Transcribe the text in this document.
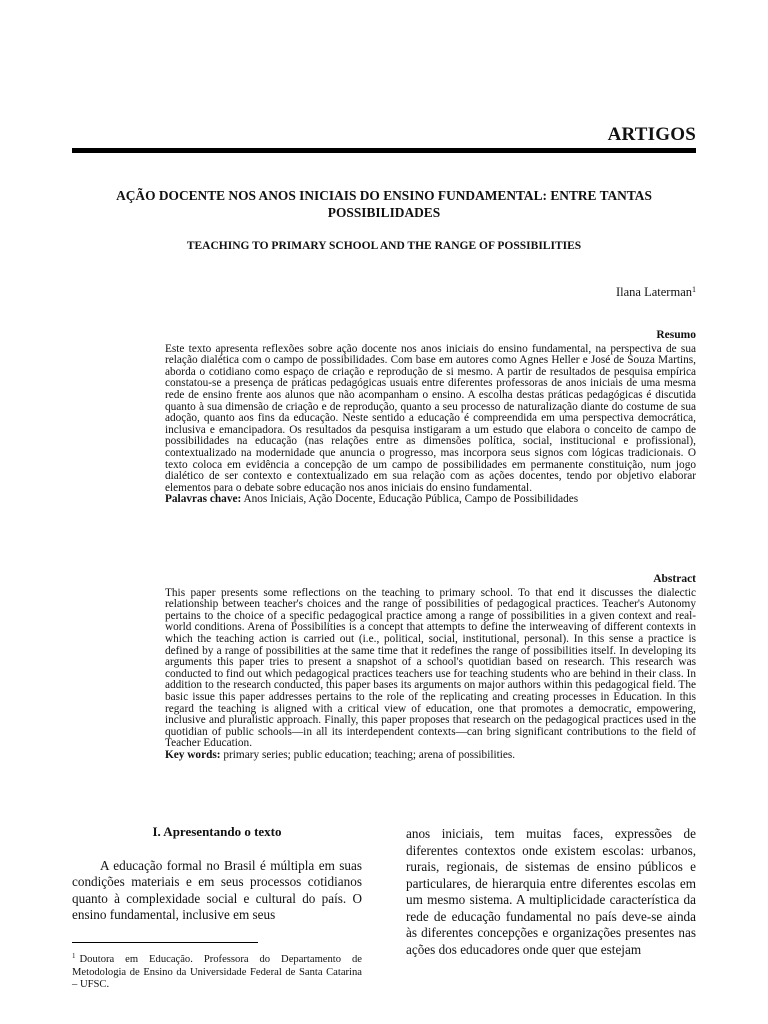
ARTIGOS
AÇÃO DOCENTE NOS ANOS INICIAIS DO ENSINO FUNDAMENTAL: ENTRE TANTAS POSSIBILIDADES
TEACHING TO PRIMARY SCHOOL AND THE RANGE OF POSSIBILITIES
Ilana Laterman$^1$
Resumo

Este texto apresenta reflexões sobre ação docente nos anos iniciais do ensino fundamental, na perspectiva de sua relação dialética com o campo de possibilidades. Com base em autores como Agnes Heller e José de Souza Martins, aborda o cotidiano como espaço de criação e reprodução de si mesmo. A partir de resultados de pesquisa empírica constatou-se a presença de práticas pedagógicas usuais entre diferentes professoras de anos iniciais de uma mesma rede de ensino frente aos alunos que não acompanham o ensino. A escolha destas práticas pedagógicas é discutida quanto à sua dimensão de criação e de reprodução, quanto a seu processo de naturalização diante do costume de sua adoção, quanto aos fins da educação. Neste sentido a educação é compreendida em uma perspectiva democrática, inclusiva e emancipadora. Os resultados da pesquisa instigaram a um estudo que elabora o conceito de campo de possibilidades na educação (nas relações entre as dimensões política, social, institucional e profissional), contextualizado na modernidade que anuncia o progresso, mas incorpora seus signos com lógicas tradicionais. O texto coloca em evidência a concepção de um campo de possibilidades em permanente constituição, num jogo dialético de ser contexto e contextualizado em sua relação com as ações docentes, tendo por objetivo elaborar elementos para o debate sobre educação nos anos iniciais do ensino fundamental.

Palavras chave: Anos Iniciais, Ação Docente, Educação Pública, Campo de Possibilidades

Abstract

This paper presents some reflections on the teaching to primary school. To that end it discusses the dialectic relationship between teacher's choices and the range of possibilities of pedagogical practices. Teacher's Autonomy pertains to the choice of a specific pedagogical practice among a range of possibilities in a given context and real-world conditions. Arena of Possibilities is a concept that attempts to define the interweaving of different contexts in which the teaching action is carried out (i.e., political, social, institutional, personal). In this sense a practice is defined by a range of possibilities at the same time that it redefines the range of possibilities itself. In developing its arguments this paper tries to present a snapshot of a school's quotidian based on research. This research was conducted to find out which pedagogical practices teachers use for teaching students who are behind in their class. In addition to the research conducted, this paper bases its arguments on major authors within this pedagogical field. The basic issue this paper addresses pertains to the role of the replicating and creating processes in Education. In this regard the teaching is aligned with a critical view of education, one that promotes a democratic, empowering, inclusive and pluralistic approach. Finally, this paper proposes that research on the pedagogical practices used in the quotidian of public schools—in all its interdependent contexts—can bring significant contributions to the field of Teacher Education.

Key words: primary series; public education; teaching; arena of possibilities.

I. Apresentando o texto

A educação formal no Brasil é múltipla em suas condições materiais e em seus processos cotidianos quanto à complexidade social e cultural do país. O ensino fundamental, inclusive em seus

anos iniciais, tem muitas faces, expressões de diferentes contextos onde existem escolas: urbanos, rurais, regionais, de sistemas de ensino públicos e particulares, de hierarquia entre diferentes escolas em um mesmo sistema. A multiplicidade característica da rede de educação fundamental no país deve-se ainda às diferentes concepções e organizações presentes nas ações dos educadores onde quer que estejam

$^1$ Doutora em Educação. Professora do Departamento de Metodologia de Ensino da Universidade Federal de Santa Catarina – UFSC.
